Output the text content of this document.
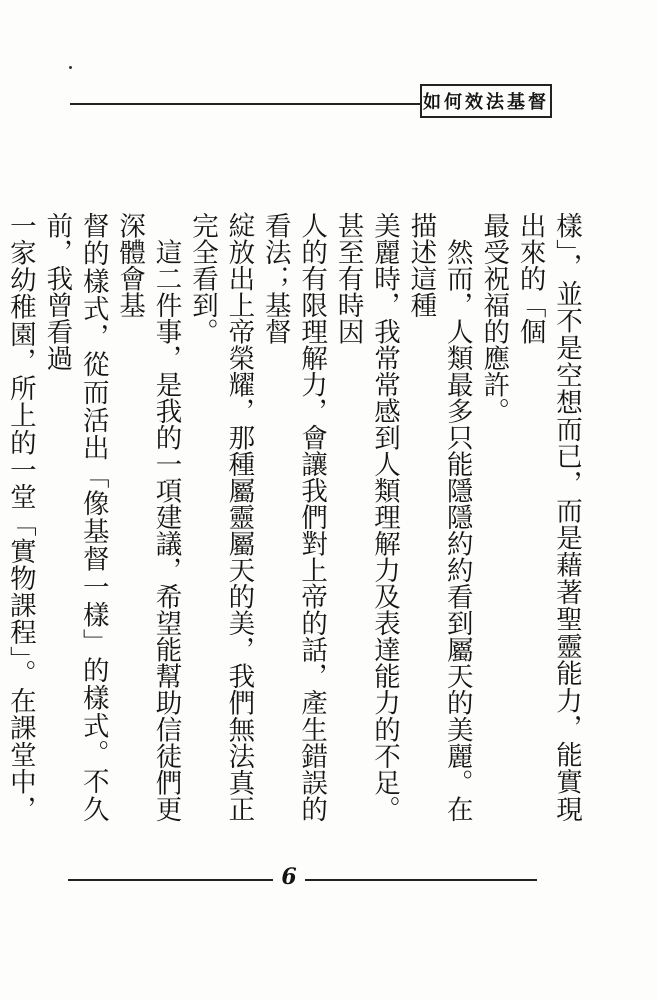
如何效法基督

樣」，並不是空想而已，而是藉著聖靈能力，能實現出來的「個

最受祝福的應許。

　然而，人類最多只能隱隱約約看到屬天的美麗。在描述這種

美麗時，我常常感到人類理解力及表達能力的不足。甚至有時因

人的有限理解力，會讓我們對上帝的話，產生錯誤的看法；基督

綻放出上帝榮耀，那種屬靈屬天的美，我們無法真正完全看到。

　這二件事，是我的一項建議，希望能幫助信徒們更深體會基

督的樣式，從而活出「像基督一樣」的樣式。不久前，我曾看過

一家幼稚園，所上的一堂「實物課程」。在課堂中，

6
